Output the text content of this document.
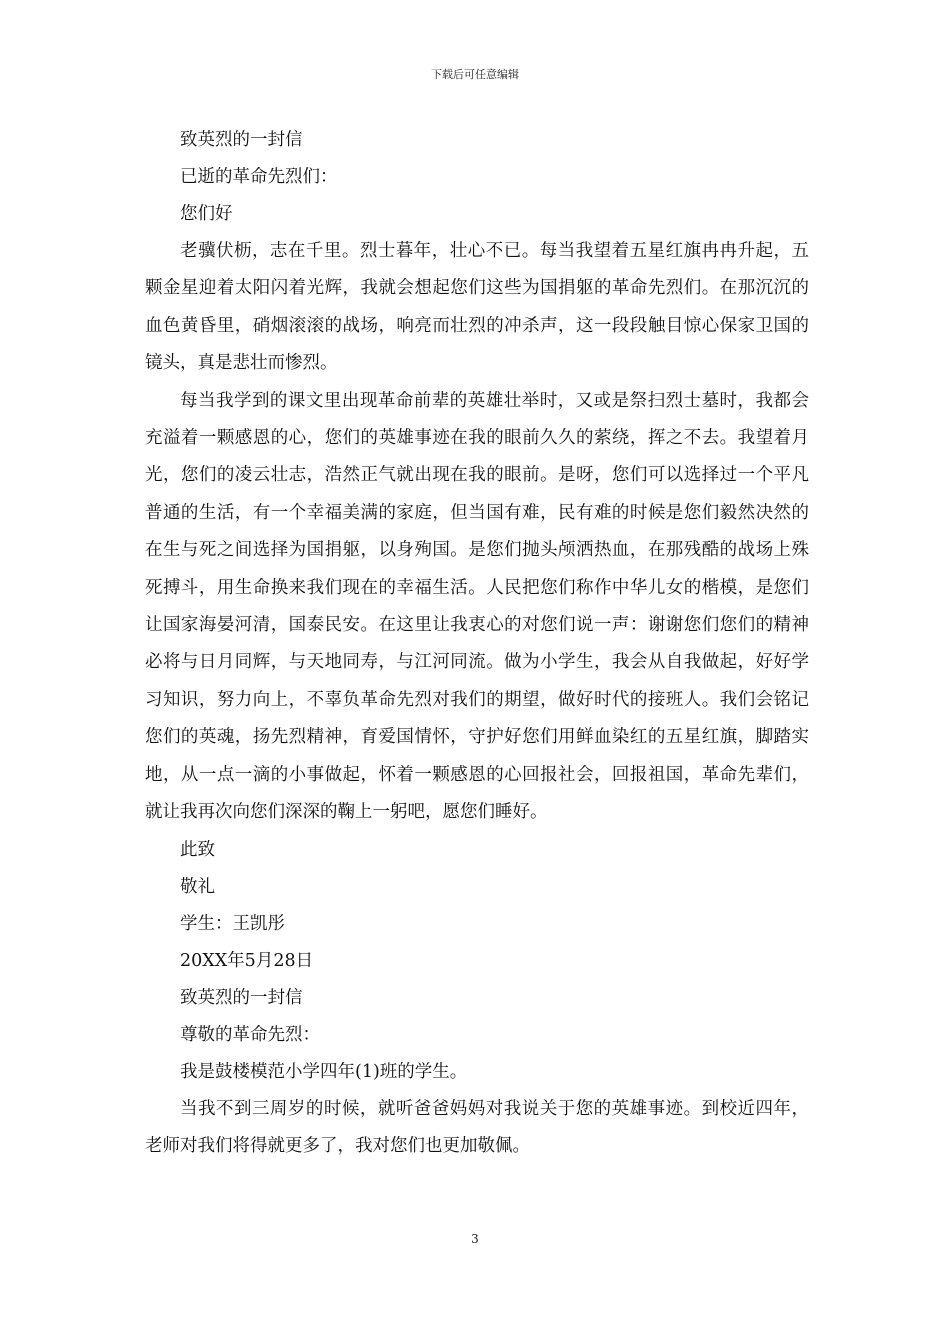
下载后可任意编辑

致英烈的一封信

已逝的革命先烈们：

您们好

老骥伏枥，志在千里。烈士暮年，壮心不已。每当我望着五星红旗冉冉升起，五颗金星迎着太阳闪着光辉，我就会想起您们这些为国捐躯的革命先烈们。在那沉沉的血色黄昏里，硝烟滚滚的战场，响亮而壮烈的冲杀声，这一段段触目惊心保家卫国的镜头，真是悲壮而惨烈。

每当我学到的课文里出现革命前辈的英雄壮举时，又或是祭扫烈士墓时，我都会充溢着一颗感恩的心，您们的英雄事迹在我的眼前久久的萦绕，挥之不去。我望着月光，您们的凌云壮志，浩然正气就出现在我的眼前。是呀，您们可以选择过一个平凡普通的生活，有一个幸福美满的家庭，但当国有难，民有难的时候是您们毅然决然的在生与死之间选择为国捐躯，以身殉国。是您们抛头颅洒热血，在那残酷的战场上殊死搏斗，用生命换来我们现在的幸福生活。人民把您们称作中华儿女的楷模，是您们让国家海晏河清，国泰民安。在这里让我衷心的对您们说一声：谢谢您们您们的精神必将与日月同辉，与天地同寿，与江河同流。做为小学生，我会从自我做起，好好学习知识，努力向上，不辜负革命先烈对我们的期望，做好时代的接班人。我们会铭记您们的英魂，扬先烈精神，育爱国情怀，守护好您们用鲜血染红的五星红旗，脚踏实地，从一点一滴的小事做起，怀着一颗感恩的心回报社会，回报祖国，革命先辈们，就让我再次向您们深深的鞠上一躬吧，愿您们睡好。

此致

敬礼

学生：王凯彤

20XX年5月28日

致英烈的一封信

尊敬的革命先烈：

我是鼓楼模范小学四年(1)班的学生。

当我不到三周岁的时候，就听爸爸妈妈对我说关于您的英雄事迹。到校近四年，老师对我们将得就更多了，我对您们也更加敬佩。

3
